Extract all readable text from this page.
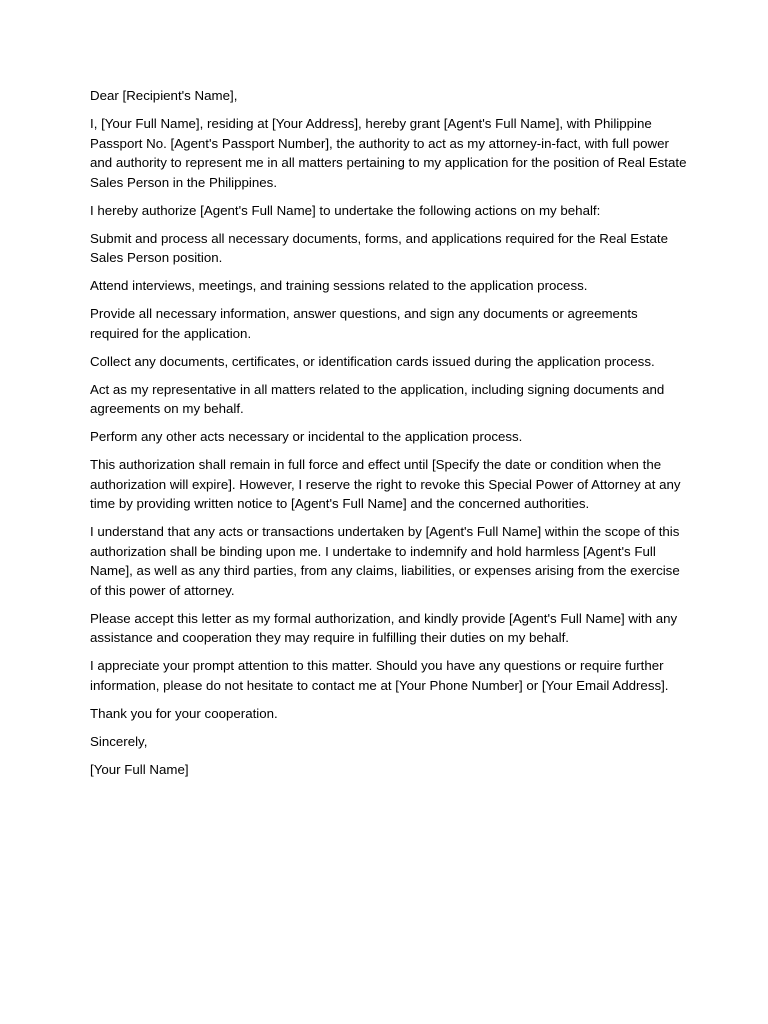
Dear [Recipient's Name],

I, [Your Full Name], residing at [Your Address], hereby grant [Agent's Full Name], with Philippine Passport No. [Agent's Passport Number], the authority to act as my attorney-in-fact, with full power and authority to represent me in all matters pertaining to my application for the position of Real Estate Sales Person in the Philippines.

I hereby authorize [Agent's Full Name] to undertake the following actions on my behalf:

Submit and process all necessary documents, forms, and applications required for the Real Estate Sales Person position.

Attend interviews, meetings, and training sessions related to the application process.

Provide all necessary information, answer questions, and sign any documents or agreements required for the application.

Collect any documents, certificates, or identification cards issued during the application process.

Act as my representative in all matters related to the application, including signing documents and agreements on my behalf.

Perform any other acts necessary or incidental to the application process.

This authorization shall remain in full force and effect until [Specify the date or condition when the authorization will expire]. However, I reserve the right to revoke this Special Power of Attorney at any time by providing written notice to [Agent's Full Name] and the concerned authorities.

I understand that any acts or transactions undertaken by [Agent's Full Name] within the scope of this authorization shall be binding upon me. I undertake to indemnify and hold harmless [Agent's Full Name], as well as any third parties, from any claims, liabilities, or expenses arising from the exercise of this power of attorney.

Please accept this letter as my formal authorization, and kindly provide [Agent's Full Name] with any assistance and cooperation they may require in fulfilling their duties on my behalf.

I appreciate your prompt attention to this matter. Should you have any questions or require further information, please do not hesitate to contact me at [Your Phone Number] or [Your Email Address].

Thank you for your cooperation.

Sincerely,

[Your Full Name]
